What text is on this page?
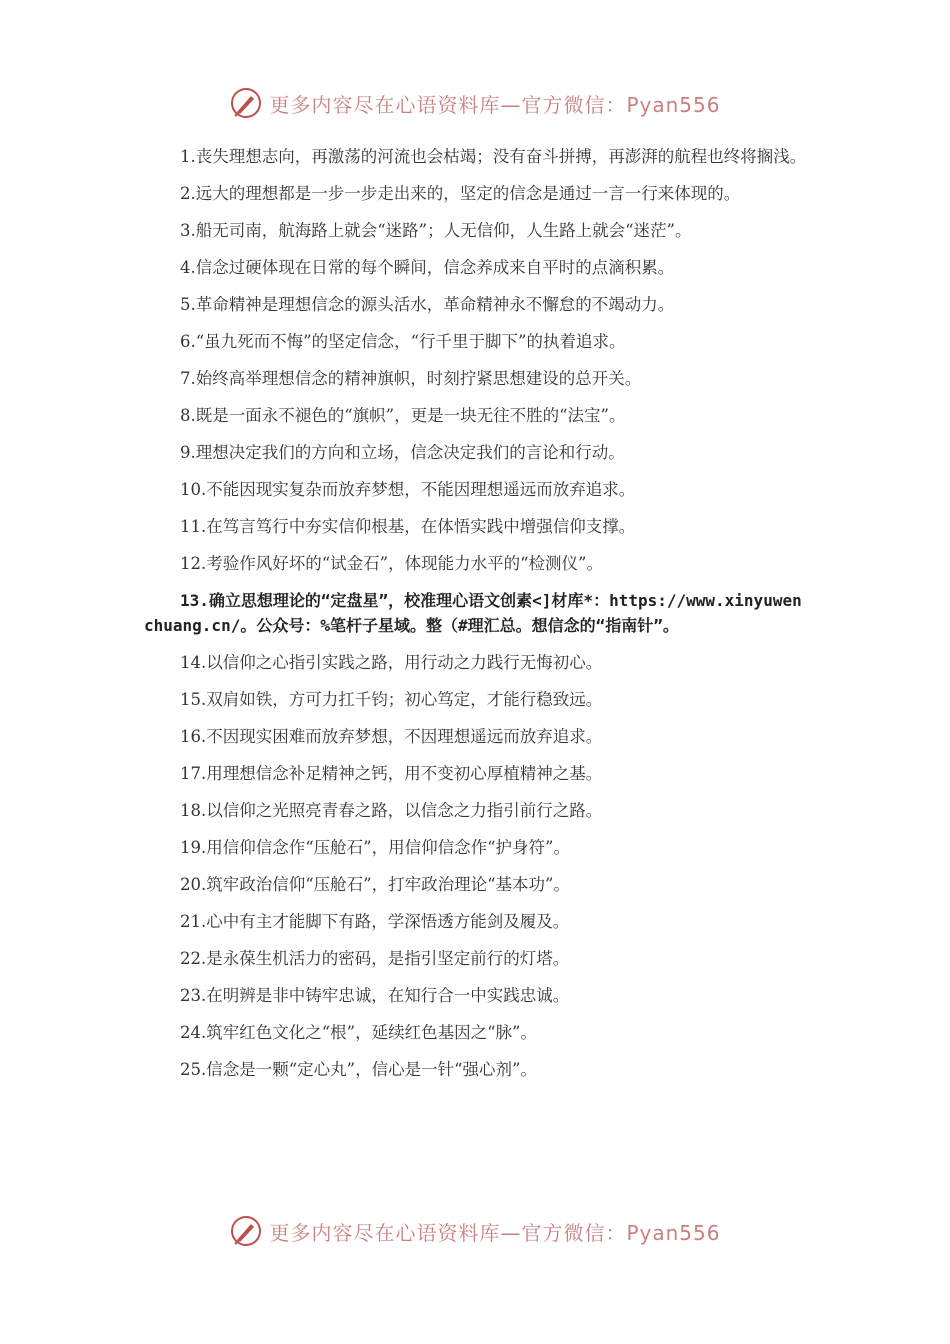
更多内容尽在心语资料库—官方微信：Pyan556

1.丧失理想志向，再激荡的河流也会枯竭；没有奋斗拼搏，再澎湃的航程也终将搁浅。

2.远大的理想都是一步一步走出来的，坚定的信念是通过一言一行来体现的。

3.船无司南，航海路上就会“迷路”；人无信仰，人生路上就会“迷茫”。

4.信念过硬体现在日常的每个瞬间，信念养成来自平时的点滴积累。

5.革命精神是理想信念的源头活水，革命精神永不懈怠的不竭动力。

6.“虽九死而不悔”的坚定信念，“行千里于脚下”的执着追求。

7.始终高举理想信念的精神旗帜，时刻拧紧思想建设的总开关。

8.既是一面永不褪色的“旗帜”，更是一块无往不胜的“法宝”。

9.理想决定我们的方向和立场，信念决定我们的言论和行动。

10.不能因现实复杂而放弃梦想，不能因理想遥远而放弃追求。

11.在笃言笃行中夯实信仰根基，在体悟实践中增强信仰支撑。

12.考验作风好坏的“试金石”，体现能力水平的“检测仪”。

13.确立思想理论的“定盘星”，校准理心语文创素<]材库*：https://www.xinyuwenchuang.cn/。公众号：%笔杆子星域。整（#理汇总。想信念的“指南针”。

14.以信仰之心指引实践之路，用行动之力践行无悔初心。

15.双肩如铁，方可力扛千钧；初心笃定，才能行稳致远。

16.不因现实困难而放弃梦想，不因理想遥远而放弃追求。

17.用理想信念补足精神之钙，用不变初心厚植精神之基。

18.以信仰之光照亮青春之路，以信念之力指引前行之路。

19.用信仰信念作“压舱石”，用信仰信念作“护身符”。

20.筑牢政治信仰“压舱石”，打牢政治理论“基本功”。

21.心中有主才能脚下有路，学深悟透方能剑及履及。

22.是永葆生机活力的密码，是指引坚定前行的灯塔。

23.在明辨是非中铸牢忠诚，在知行合一中实践忠诚。

24.筑牢红色文化之“根”，延续红色基因之“脉”。

25.信念是一颗“定心丸”，信心是一针“强心剂”。

更多内容尽在心语资料库—官方微信：Pyan556
